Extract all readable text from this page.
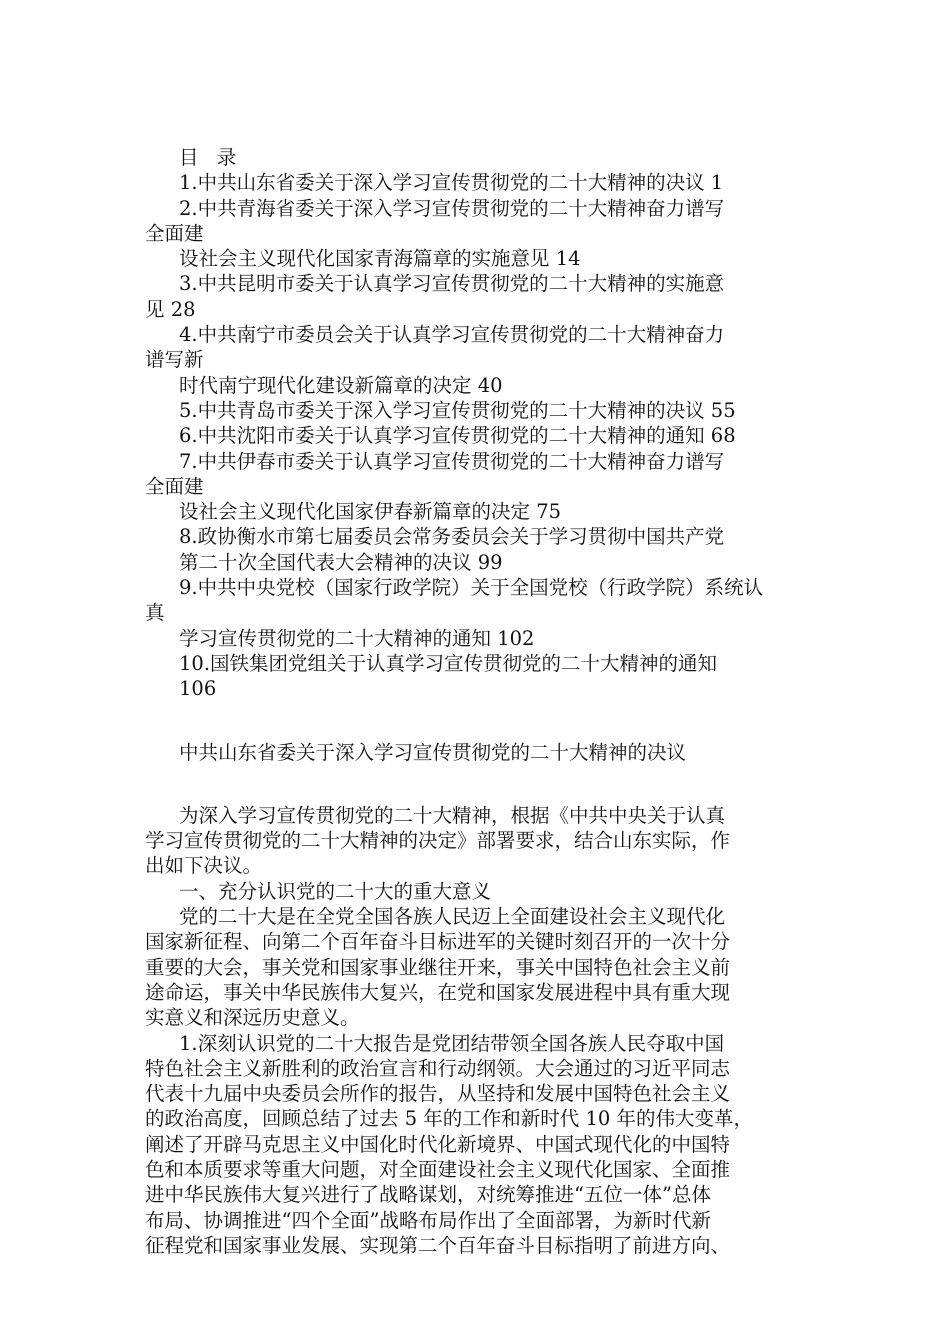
目 录
1.中共山东省委关于深入学习宣传贯彻党的二十大精神的决议 1
2.中共青海省委关于深入学习宣传贯彻党的二十大精神奋力谱写
全面建
设社会主义现代化国家青海篇章的实施意见 14
3.中共昆明市委关于认真学习宣传贯彻党的二十大精神的实施意
见 28
4.中共南宁市委员会关于认真学习宣传贯彻党的二十大精神奋力
谱写新
时代南宁现代化建设新篇章的决定 40
5.中共青岛市委关于深入学习宣传贯彻党的二十大精神的决议 55
6.中共沈阳市委关于认真学习宣传贯彻党的二十大精神的通知 68
7.中共伊春市委关于认真学习宣传贯彻党的二十大精神奋力谱写
全面建
设社会主义现代化国家伊春新篇章的决定 75
8.政协衡水市第七届委员会常务委员会关于学习贯彻中国共产党
第二十次全国代表大会精神的决议 99
9.中共中央党校（国家行政学院）关于全国党校（行政学院）系统认
真
学习宣传贯彻党的二十大精神的通知 102
10.国铁集团党组关于认真学习宣传贯彻党的二十大精神的通知
106
中共山东省委关于深入学习宣传贯彻党的二十大精神的决议
为深入学习宣传贯彻党的二十大精神，根据《中共中央关于认真
学习宣传贯彻党的二十大精神的决定》部署要求，结合山东实际，作
出如下决议。
一、充分认识党的二十大的重大意义
党的二十大是在全党全国各族人民迈上全面建设社会主义现代化
国家新征程、向第二个百年奋斗目标进军的关键时刻召开的一次十分
重要的大会，事关党和国家事业继往开来，事关中国特色社会主义前
途命运，事关中华民族伟大复兴，在党和国家发展进程中具有重大现
实意义和深远历史意义。
1.深刻认识党的二十大报告是党团结带领全国各族人民夺取中国
特色社会主义新胜利的政治宣言和行动纲领。大会通过的习近平同志
代表十九届中央委员会所作的报告，从坚持和发展中国特色社会主义
的政治高度，回顾总结了过去 5 年的工作和新时代 10 年的伟大变革，
阐述了开辟马克思主义中国化时代化新境界、中国式现代化的中国特
色和本质要求等重大问题，对全面建设社会主义现代化国家、全面推
进中华民族伟大复兴进行了战略谋划，对统筹推进“五位一体”总体
布局、协调推进“四个全面”战略布局作出了全面部署，为新时代新
征程党和国家事业发展、实现第二个百年奋斗目标指明了前进方向、
